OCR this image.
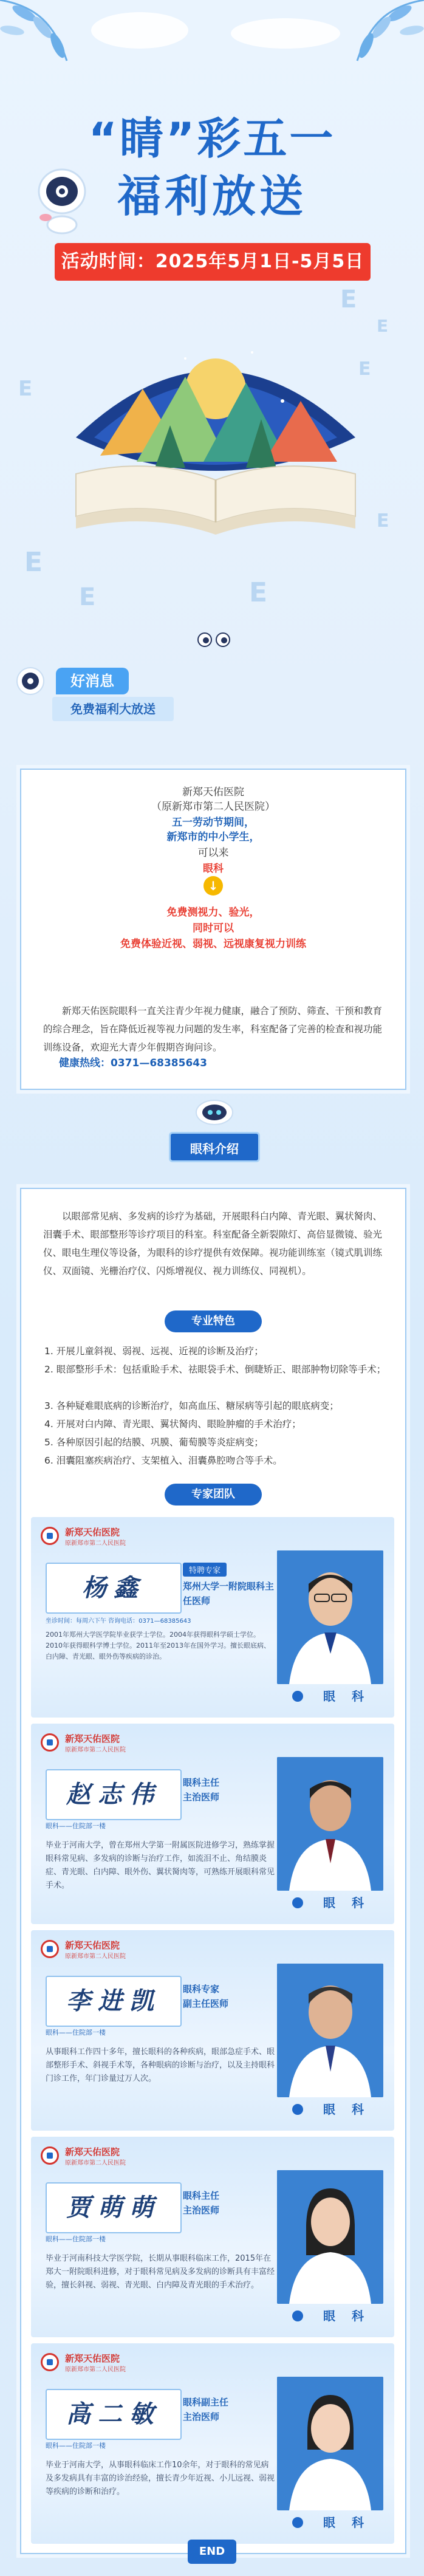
“睛”彩五一
福利放送
活动时间：2025年5月1日-5月5日
E
E
E
E
E
E
E	E
好消息
免费福利大放送
新郑天佑医院
（原新郑市第二人民医院）
五一劳动节期间，
新郑市的中小学生，
可以来
眼科
↓
免费测视力、验光，
同时可以
免费体验近视、弱视、远视康复视力训练
新郑天佑医院眼科一直关注青少年视力健康，融合了预防、筛查、干预和教育的综合理念，旨在降低近视等视力问题的发生率，科室配备了完善的检查和视功能训练设备，欢迎光大青少年假期咨询问诊。
健康热线：0371—68385643
眼科介绍
以眼部常见病、多发病的诊疗为基础，开展眼科白内障、青光眼、翼状胬肉、泪囊手术、眼部整形等诊疗项目的科室。科室配备全新裂隙灯、高倍显微镜、验光仪、眼电生理仪等设备，为眼科的诊疗提供有效保障。视功能训练室（镜式肌训练仪、双面镜、光栅治疗仪、闪烁增视仪、视力训练仪、同视机）。
专业特色
1. 开展儿童斜视、弱视、远视、近视的诊断及治疗；
2. 眼部整形手术：包括重睑手术、祛眼袋手术、倒睫矫正、眼部肿物切除等手术；
3. 各种疑难眼底病的诊断治疗，如高血压、糖尿病等引起的眼底病变；
4. 开展对白内障、青光眼、翼状胬肉、眼睑肿瘤的手术治疗；
5. 各种原因引起的结膜、巩膜、葡萄膜等炎症病变；
6. 泪囊阻塞疾病治疗、支架植入、泪囊鼻腔吻合等手术。
专家团队
新郑天佑医院
原新郑市第二人民医院
杨鑫
特聘专家
郑州大学一附院眼科主任医师
坐诊时间：每周六下午 咨询电话：0371—68385643
2001年郑州大学医学院毕业获学士学位。2004年获得眼科学硕士学位。2010年获得眼科学博士学位。2011年至2013年在国外学习。擅长眼底病、白内障、青光眼、眼外伤等疾病的诊治。
眼 科
新郑天佑医院
原新郑市第二人民医院
赵志伟	眼科主任
主治医师
眼科——住院部一楼
毕业于河南大学，曾在郑州大学第一附属医院进修学习，熟练掌握眼科常见病、多发病的诊断与治疗工作，如流泪不止、角结膜炎症、青光眼、白内障、眼外伤、翼状胬肉等，可熟练开展眼科常见手术。
眼 科
新郑天佑医院
原新郑市第二人民医院
李进凯	眼科专家
副主任医师
眼科——住院部一楼
从事眼科工作四十多年，擅长眼科的各种疾病，眼部急症手术、眼部整形手术、斜视手术等，各种眼病的诊断与治疗，以及主持眼科门诊工作，年门诊量过万人次。
眼 科
新郑天佑医院
原新郑市第二人民医院
贾萌萌	眼科主任
主治医师
眼科——住院部一楼
毕业于河南科技大学医学院，长期从事眼科临床工作，2015年在郑大一附院眼科进修，对于眼科常见病及多发病的诊断具有丰富经验，擅长斜视、弱视、青光眼、白内障及青光眼的手术治疗。
眼 科
新郑天佑医院
原新郑市第二人民医院
高二敏	眼科副主任
主治医师
眼科——住院部一楼
毕业于河南大学，从事眼科临床工作10余年，对于眼科的常见病及多发病具有丰富的诊治经验，擅长青少年近视、小儿远视、弱视等疾病的诊断和治疗。
眼 科
END
